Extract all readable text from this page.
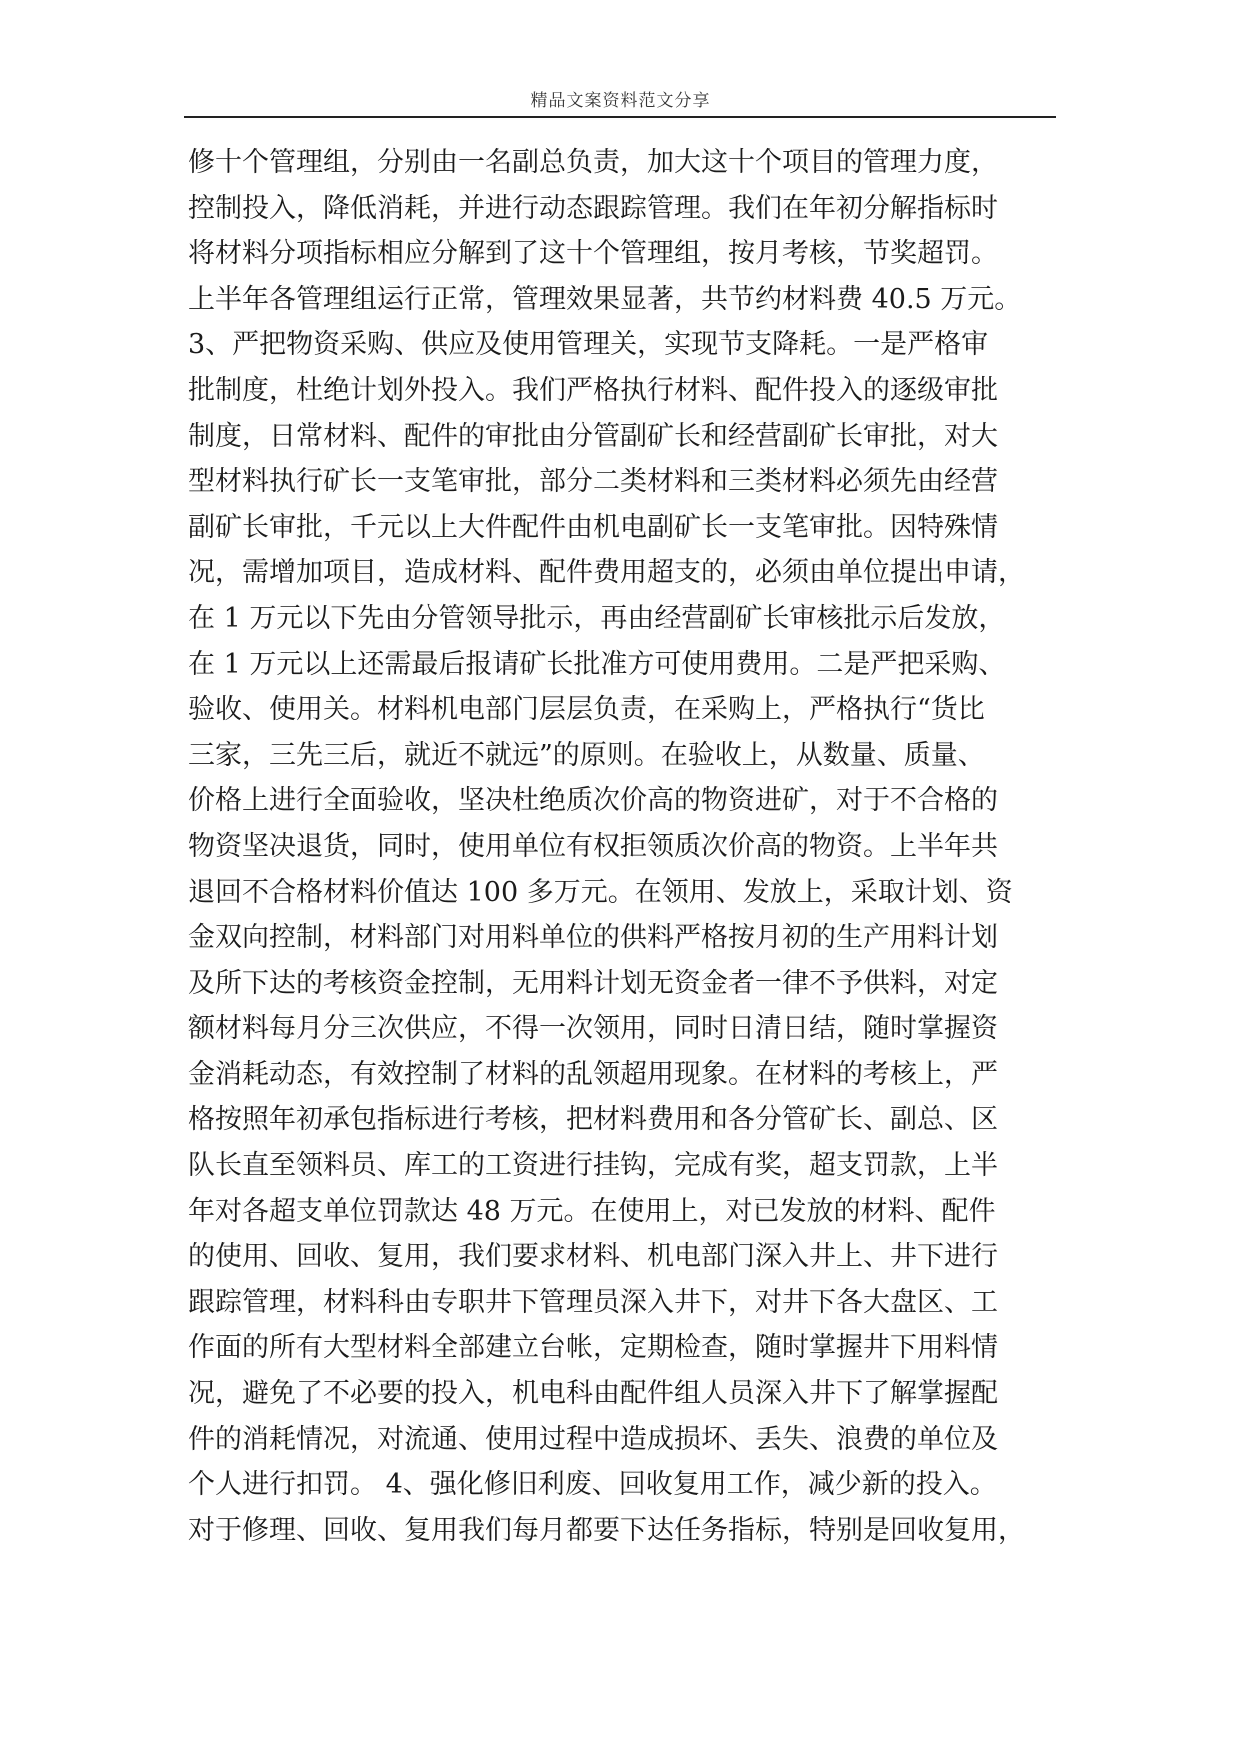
精品文案资料范文分享
修十个管理组，分别由一名副总负责，加大这十个项目的管理力度，
控制投入，降低消耗，并进行动态跟踪管理。我们在年初分解指标时
将材料分项指标相应分解到了这十个管理组，按月考核，节奖超罚。
上半年各管理组运行正常，管理效果显著，共节约材料费 40.5 万元。
3、严把物资采购、供应及使用管理关，实现节支降耗。一是严格审
批制度，杜绝计划外投入。我们严格执行材料、配件投入的逐级审批
制度，日常材料、配件的审批由分管副矿长和经营副矿长审批，对大
型材料执行矿长一支笔审批，部分二类材料和三类材料必须先由经营
副矿长审批，千元以上大件配件由机电副矿长一支笔审批。因特殊情
况，需增加项目，造成材料、配件费用超支的，必须由单位提出申请，
在 1 万元以下先由分管领导批示，再由经营副矿长审核批示后发放，
在 1 万元以上还需最后报请矿长批准方可使用费用。二是严把采购、
验收、使用关。材料机电部门层层负责，在采购上，严格执行“货比
三家，三先三后，就近不就远”的原则。在验收上，从数量、质量、
价格上进行全面验收，坚决杜绝质次价高的物资进矿，对于不合格的
物资坚决退货，同时，使用单位有权拒领质次价高的物资。上半年共
退回不合格材料价值达 100 多万元。在领用、发放上，采取计划、资
金双向控制，材料部门对用料单位的供料严格按月初的生产用料计划
及所下达的考核资金控制，无用料计划无资金者一律不予供料，对定
额材料每月分三次供应，不得一次领用，同时日清日结，随时掌握资
金消耗动态，有效控制了材料的乱领超用现象。在材料的考核上，严
格按照年初承包指标进行考核，把材料费用和各分管矿长、副总、区
队长直至领料员、库工的工资进行挂钩，完成有奖，超支罚款，上半
年对各超支单位罚款达 48 万元。在使用上，对已发放的材料、配件
的使用、回收、复用，我们要求材料、机电部门深入井上、井下进行
跟踪管理，材料科由专职井下管理员深入井下，对井下各大盘区、工
作面的所有大型材料全部建立台帐，定期检查，随时掌握井下用料情
况，避免了不必要的投入，机电科由配件组人员深入井下了解掌握配
件的消耗情况，对流通、使用过程中造成损坏、丢失、浪费的单位及
个人进行扣罚。 4、强化修旧利废、回收复用工作，减少新的投入。
对于修理、回收、复用我们每月都要下达任务指标，特别是回收复用，
